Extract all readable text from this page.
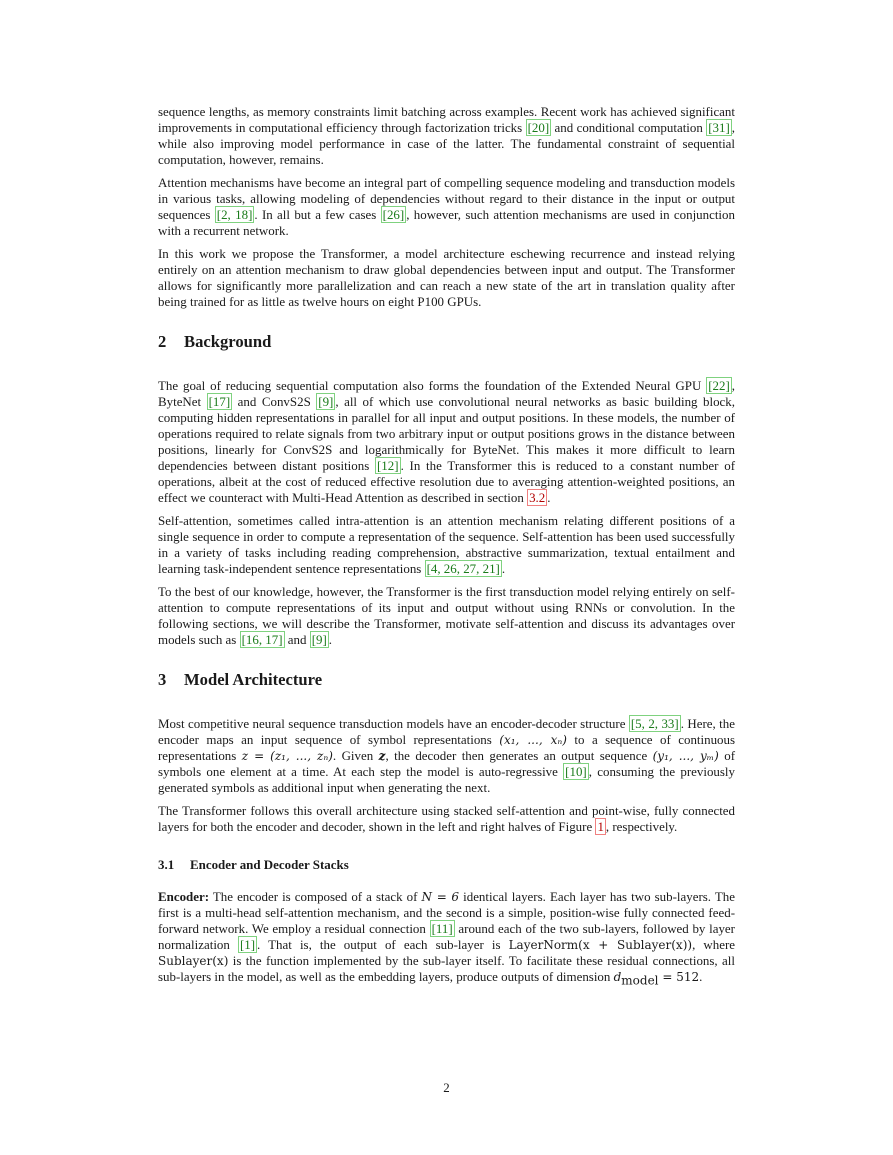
sequence lengths, as memory constraints limit batching across examples. Recent work has achieved significant improvements in computational efficiency through factorization tricks [20] and conditional computation [31] , while also improving model performance in case of the latter. The fundamental constraint of sequential computation, however, remains.

Attention mechanisms have become an integral part of compelling sequence modeling and transduction models in various tasks, allowing modeling of dependencies without regard to their distance in the input or output sequences [2, 18] . In all but a few cases [26] , however, such attention mechanisms are used in conjunction with a recurrent network.

In this work we propose the Transformer, a model architecture eschewing recurrence and instead relying entirely on an attention mechanism to draw global dependencies between input and output. The Transformer allows for significantly more parallelization and can reach a new state of the art in translation quality after being trained for as little as twelve hours on eight P100 GPUs.

2 Background

The goal of reducing sequential computation also forms the foundation of the Extended Neural GPU [22] , ByteNet [17] and ConvS2S [9] , all of which use convolutional neural networks as basic building block, computing hidden representations in parallel for all input and output positions. In these models, the number of operations required to relate signals from two arbitrary input or output positions grows in the distance between positions, linearly for ConvS2S and logarithmically for ByteNet. This makes it more difficult to learn dependencies between distant positions [12] . In the Transformer this is reduced to a constant number of operations, albeit at the cost of reduced effective resolution due to averaging attention-weighted positions, an effect we counteract with Multi-Head Attention as described in section 3.2 .

Self-attention, sometimes called intra-attention is an attention mechanism relating different positions of a single sequence in order to compute a representation of the sequence. Self-attention has been used successfully in a variety of tasks including reading comprehension, abstractive summarization, textual entailment and learning task-independent sentence representations [4, 26, 27, 21] .

To the best of our knowledge, however, the Transformer is the first transduction model relying entirely on self-attention to compute representations of its input and output without using RNNs or convolution. In the following sections, we will describe the Transformer, motivate self-attention and discuss its advantages over models such as [16, 17] and [9] .

3 Model Architecture

Most competitive neural sequence transduction models have an encoder-decoder structure [5, 2, 33] . Here, the encoder maps an input sequence of symbol representations (x₁, ..., xₙ) to a sequence of continuous representations z = (z₁, ..., zₙ). Given z, the decoder then generates an output sequence (y₁, ..., yₘ) of symbols one element at a time. At each step the model is auto-regressive [10] , consuming the previously generated symbols as additional input when generating the next.

The Transformer follows this overall architecture using stacked self-attention and point-wise, fully connected layers for both the encoder and decoder, shown in the left and right halves of Figure 1 , respectively.

3.1 Encoder and Decoder Stacks

Encoder: The encoder is composed of a stack of N = 6 identical layers. Each layer has two sub-layers. The first is a multi-head self-attention mechanism, and the second is a simple, position-wise fully connected feed-forward network. We employ a residual connection [11] around each of the two sub-layers, followed by layer normalization [1] . That is, the output of each sub-layer is LayerNorm(x + Sublayer(x)), where Sublayer(x) is the function implemented by the sub-layer itself. To facilitate these residual connections, all sub-layers in the model, as well as the embedding layers, produce outputs of dimension $d_{model} = 512$.

2
